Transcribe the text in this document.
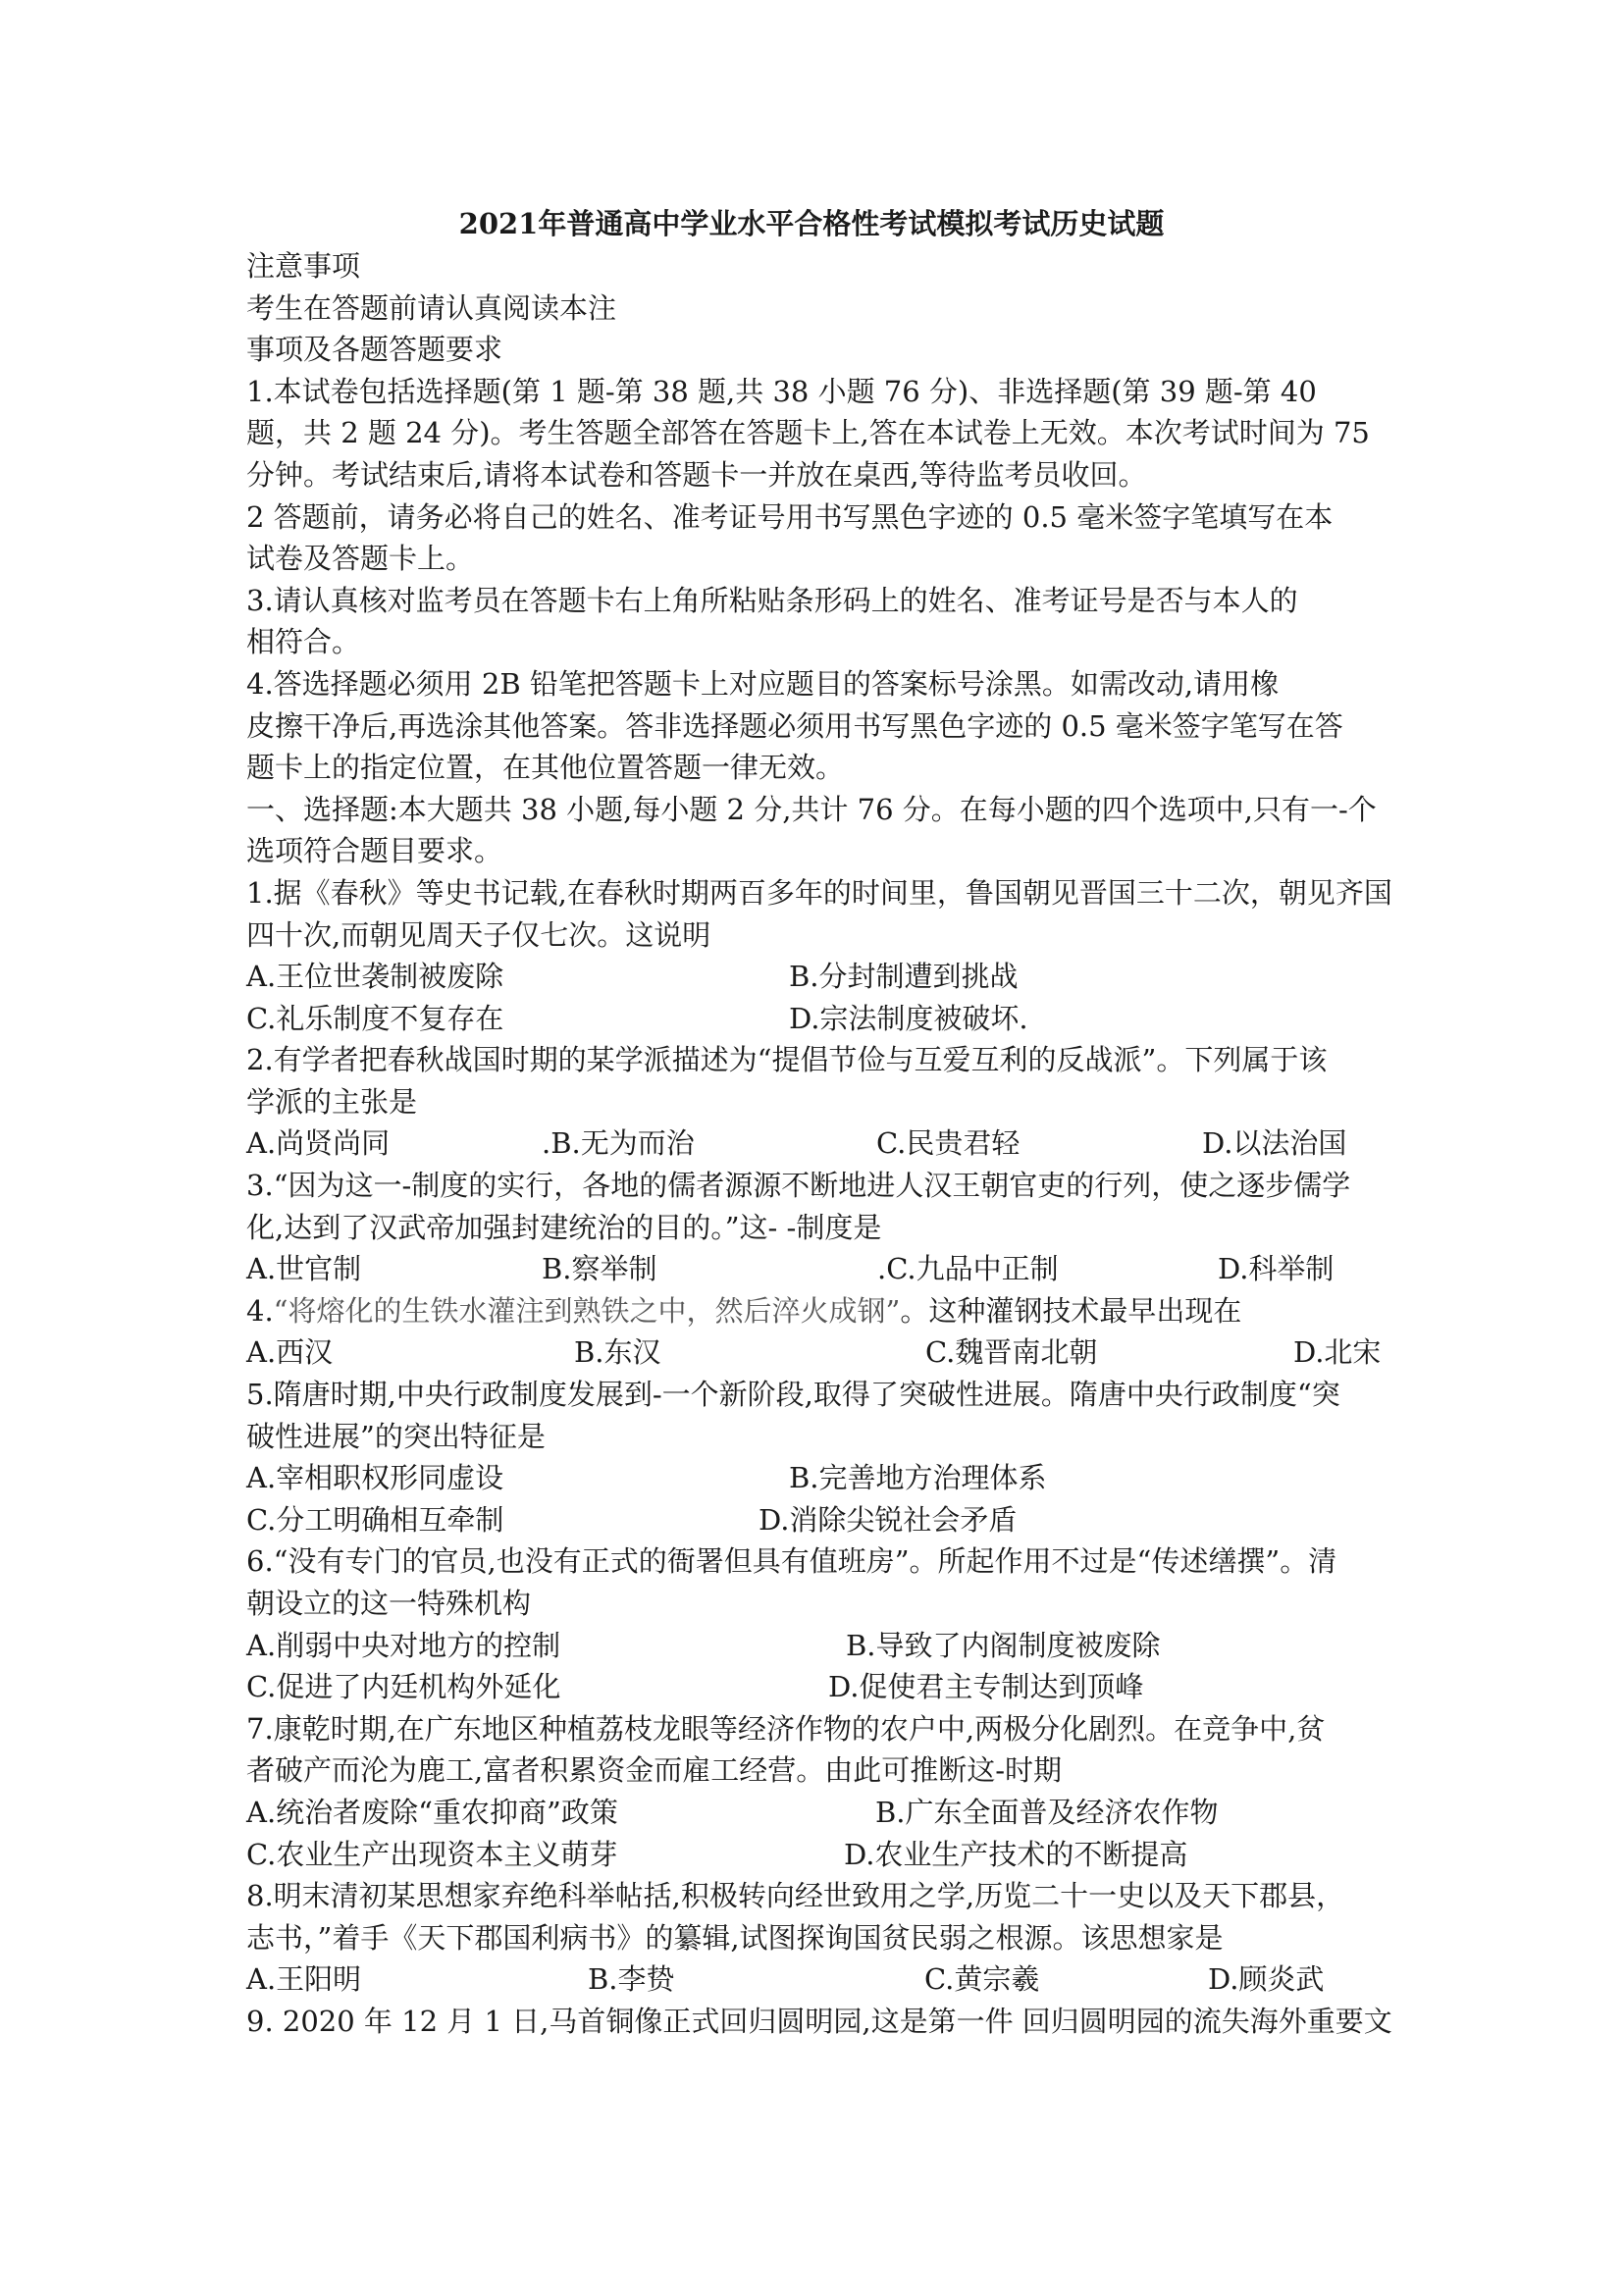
2021年普通高中学业水平合格性考试模拟考试历史试题
注意事项
考生在答题前请认真阅读本注
事项及各题答题要求
1.本试卷包括选择题(第 1 题-第 38 题,共 38 小题 76 分)、非选择题(第 39 题-第 40
题，共 2 题 24 分)。考生答题全部答在答题卡上,答在本试卷上无效。本次考试时间为 75
分钟。考试结束后,请将本试卷和答题卡一并放在桌西,等待监考员收回。
2 答题前，请务必将自己的姓名、准考证号用书写黑色字迹的 0.5 毫米签字笔填写在本
试卷及答题卡上。
3.请认真核对监考员在答题卡右上角所粘贴条形码上的姓名、准考证号是否与本人的
相符合。
4.答选择题必须用 2B 铅笔把答题卡上对应题目的答案标号涂黑。如需改动,请用橡
皮擦干净后,再选涂其他答案。答非选择题必须用书写黑色字迹的 0.5 毫米签字笔写在答
题卡上的指定位置，在其他位置答题一律无效。
一、选择题:本大题共 38 小题,每小题 2 分,共计 76 分。在每小题的四个选项中,只有一-个
选项符合题目要求。
1.据《春秋》等史书记载,在春秋时期两百多年的时间里，鲁国朝见晋国三十二次，朝见齐国
四十次,而朝见周天子仅七次。这说明
A.王位世袭制被废除	B.分封制遭到挑战
C.礼乐制度不复存在	D.宗法制度被破坏.
2.有学者把春秋战国时期的某学派描述为“提倡节俭与互爱互利的反战派”。下列属于该
学派的主张是
A.尚贤尚同	.B.无为而治	C.民贵君轻	D.以法治国
3.“因为这一-制度的实行，各地的儒者源源不断地进人汉王朝官吏的行列，使之逐步儒学
化,达到了汉武帝加强封建统治的目的。”这- -制度是
A.世官制	B.察举制	.C.九品中正制	D.科举制
4.“将熔化的生铁水灌注到熟铁之中，然后淬火成钢”。这种灌钢技术最早出现在
A.西汉	B.东汉	C.魏晋南北朝	D.北宋
5.隋唐时期,中央行政制度发展到-一个新阶段,取得了突破性进展。隋唐中央行政制度“突
破性进展”的突出特征是
A.宰相职权形同虚设	B.完善地方治理体系
C.分工明确相互牵制	D.消除尖锐社会矛盾
6.“没有专门的官员,也没有正式的衙署但具有值班房”。所起作用不过是“传述缮撰”。清
朝设立的这一特殊机构
A.削弱中央对地方的控制	B.导致了内阁制度被废除
C.促进了内廷机构外延化	D.促使君主专制达到顶峰
7.康乾时期,在广东地区种植荔枝龙眼等经济作物的农户中,两极分化剧烈。在竞争中,贫
者破产而沦为鹿工,富者积累资金而雇工经营。由此可推断这-时期
A.统治者废除“重农抑商”政策	B.广东全面普及经济农作物
C.农业生产出现资本主义萌芽	D.农业生产技术的不断提高
8.明末清初某思想家弃绝科举帖括,积极转向经世致用之学,历览二十一史以及天下郡县，
志书，”着手《天下郡国利病书》的纂辑,试图探询国贫民弱之根源。该思想家是
A.王阳明	B.李贽	C.黄宗羲	D.顾炎武
9. 2020 年 12 月 1 日,马首铜像正式回归圆明园,这是第一件 回归圆明园的流失海外重要文
